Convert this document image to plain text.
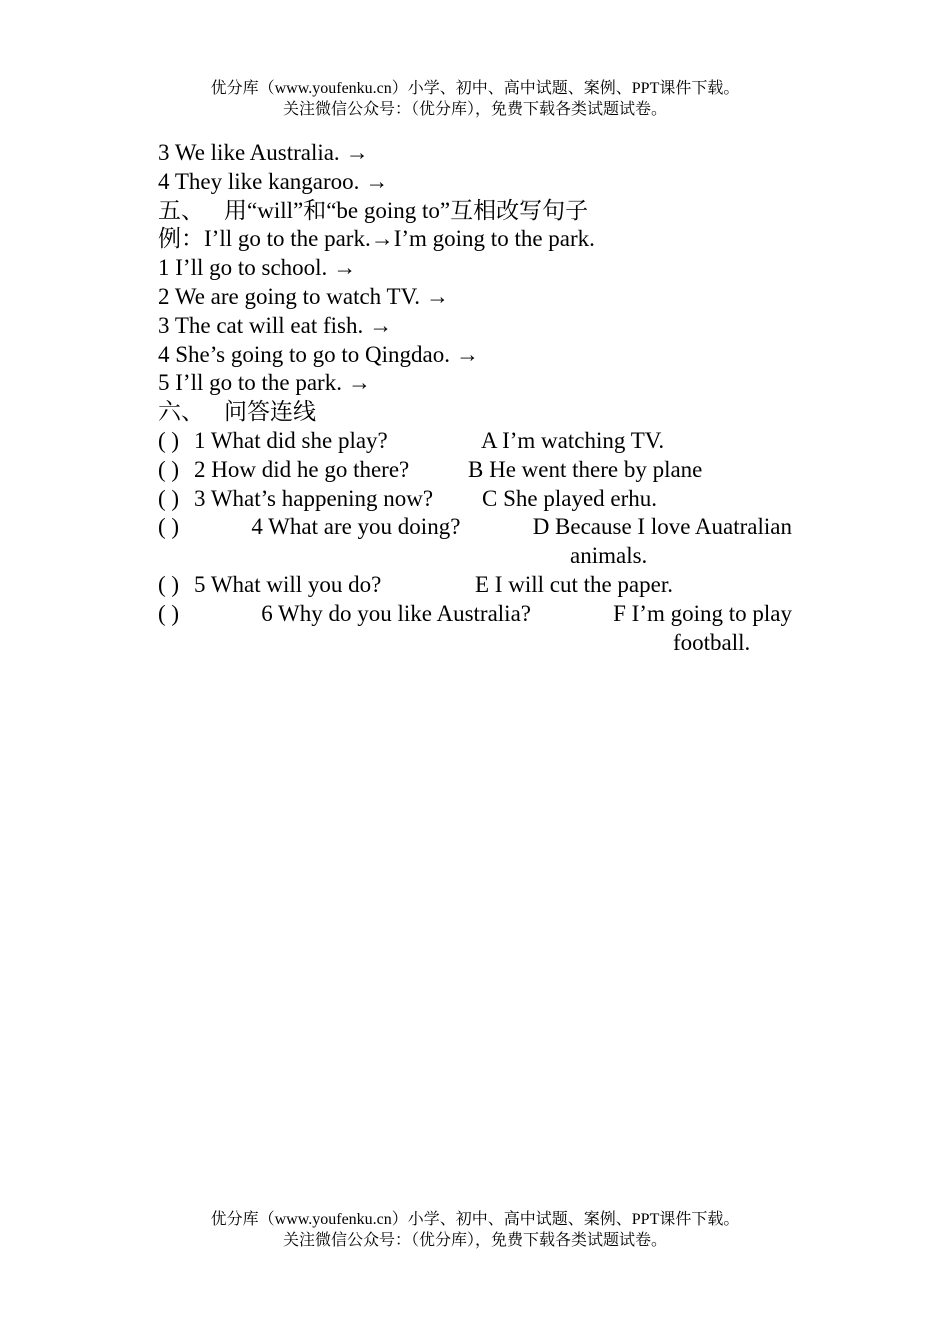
优分库（www.youfenku.cn）小学、初中、高中试题、案例、PPT课件下载。
关注微信公众号：（优分库），免费下载各类试题试卷。
3 We like Australia. →
4 They like kangaroo. →
五、 用“will”和“be going to”互相改写句子
例：I’ll go to the park.→I’m going to the park.
1 I’ll go to school. →
2 We are going to watch TV. →
3 The cat will eat fish. →
4 She’s going to go to Qingdao. →
5 I’ll go to the park. →
六、 问答连线
( ) 1 What did she play?	A I’m watching TV.
( ) 2 How did he go there?	B He went there by plane
( ) 3 What’s happening now?	C She played erhu.
( )	4 What are you doing?	D Because I love Auatralian
animals.
( ) 5 What will you do?	E I will cut the paper.
( )	6 Why do you like Australia?	F I’m going to play
football.
优分库（www.youfenku.cn）小学、初中、高中试题、案例、PPT课件下载。
关注微信公众号：（优分库），免费下载各类试题试卷。
